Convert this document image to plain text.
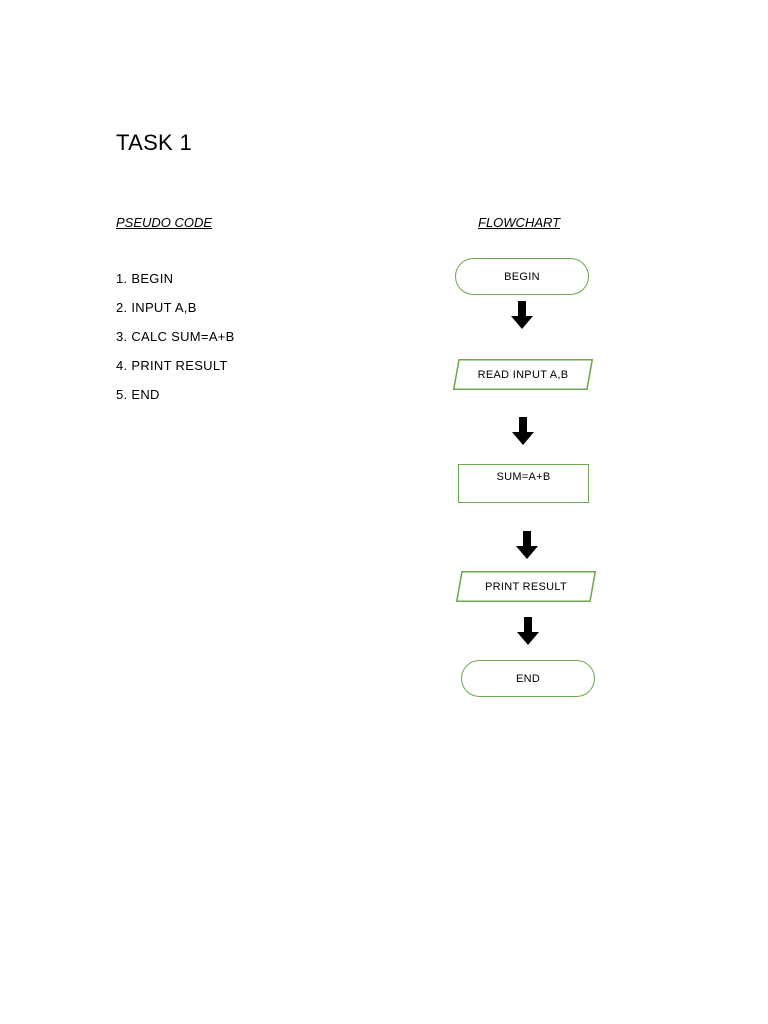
TASK 1
PSEUDO CODE	FLOWCHART
1. BEGIN
2. INPUT A,B
3. CALC SUM=A+B
4. PRINT RESULT
5. END
BEGIN
READ INPUT A,B
SUM=A+B
PRINT RESULT
END
